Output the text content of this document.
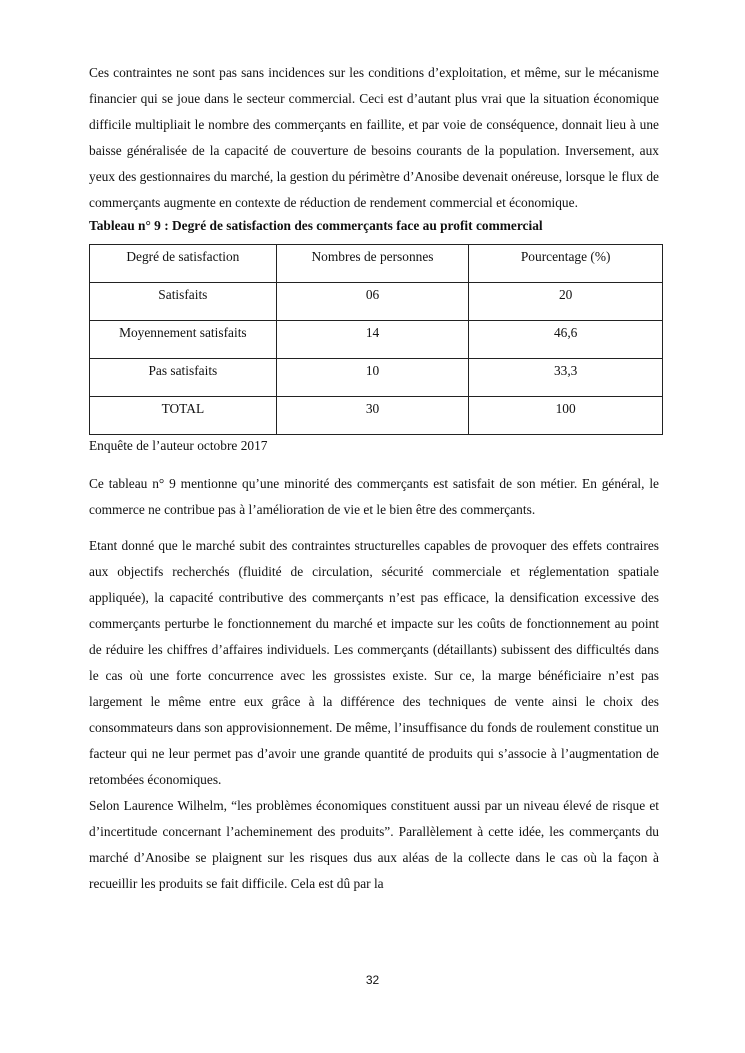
Ces contraintes ne sont pas sans incidences sur les conditions d’exploitation, et même, sur le mécanisme financier qui se joue dans le secteur commercial. Ceci est d’autant plus vrai que la situation économique difficile multipliait le nombre des commerçants en faillite, et par voie de conséquence, donnait lieu à une baisse généralisée de la capacité de couverture de besoins courants de la population. Inversement, aux yeux des gestionnaires du marché, la gestion du périmètre d’Anosibe devenait onéreuse, lorsque le flux de commerçants augmente en contexte de réduction de rendement commercial et économique.

Tableau n° 9 : Degré de satisfaction des commerçants face au profit commercial
Degré de satisfaction	Nombres de personnes	Pourcentage (%)
Satisfaits	06	20
Moyennement satisfaits	14	46,6
Pas satisfaits	10	33,3
TOTAL	30	100
Enquête de l’auteur octobre 2017

Ce tableau n° 9 mentionne qu’une minorité des commerçants est satisfait de son métier. En général, le commerce ne contribue pas à l’amélioration de vie et le bien être des commerçants.

Etant donné que le marché subit des contraintes structurelles capables de provoquer des effets contraires aux objectifs recherchés (fluidité de circulation, sécurité commerciale et réglementation spatiale appliquée), la capacité contributive des commerçants n’est pas efficace, la densification excessive des commerçants perturbe le fonctionnement du marché et impacte sur les coûts de fonctionnement au point de réduire les chiffres d’affaires individuels. Les commerçants (détaillants) subissent des difficultés dans le cas où une forte concurrence avec les grossistes existe. Sur ce, la marge bénéficiaire n’est pas largement le même entre eux grâce à la différence des techniques de vente ainsi le choix des consommateurs dans son approvisionnement. De même, l’insuffisance du fonds de roulement constitue un facteur qui ne leur permet pas d’avoir une grande quantité de produits qui s’associe à l’augmentation de retombées économiques.

Selon Laurence Wilhelm, “les problèmes économiques constituent aussi par un niveau élevé de risque et d’incertitude concernant l’acheminement des produits”. Parallèlement à cette idée, les commerçants du marché d’Anosibe se plaignent sur les risques dus aux aléas de la collecte dans le cas où la façon à recueillir les produits se fait difficile. Cela est dû par la

32
